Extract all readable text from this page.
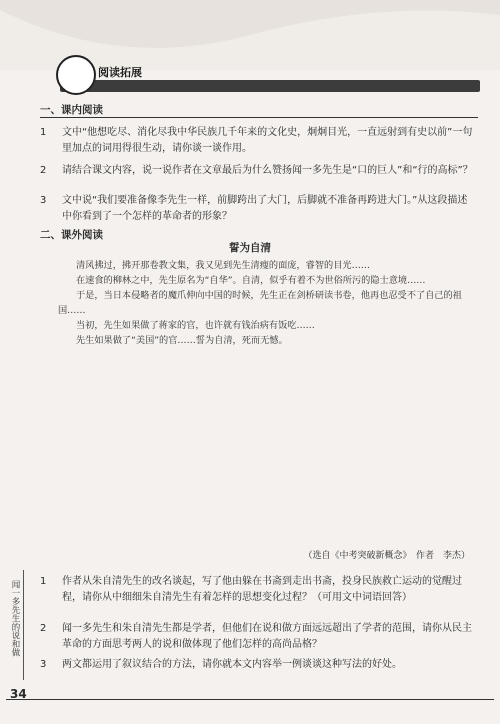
阅读拓展
一、课内阅读
1 文中“他想吃尽、消化尽我中华民族几千年来的文化史，炯炯目光，一直远射到有史以前”一句里加点的词用得很生动，请你谈一谈作用。
2 请结合课文内容，说一说作者在文章最后为什么赞扬闻一多先生是“口的巨人”和“行的高标”？
3 文中说“我们要准备像李先生一样，前脚跨出了大门，后脚就不准备再跨进大门。”从这段描述中你看到了一个怎样的革命者的形象？
二、课外阅读
誓为自清

清风拂过，拂开那卷教文集，我又见到先生清瘦的面庞，睿智的目光……

在速食的柳林之中，先生原名为“自华”。自清，似乎有着不为世俗所污的隐士意境……

于是，当日本侵略者的魔爪伸向中国的时候，先生正在剑桥研读书卷，他再也忍受不了自己的祖国……

当初，先生如果做了蒋家的官，也许就有钱治病有饭吃……

先生如果做了“美国”的官……誓为自清，死而无憾。

（选自《中考突破新概念》　作者　李杰）
1 作者从朱自清先生的改名谈起，写了他由躲在书斋到走出书斋，投身民族救亡运动的觉醒过程，请你从中细细朱自清先生有着怎样的思想变化过程？（可用文中词语回答）
2 闻一多先生和朱自清先生都是学者，但他们在说和做方面远远超出了学者的范围，请你从民主革命的方面思考两人的说和做体现了他们怎样的高尚品格？
3 两文都运用了叙议结合的方法，请你就本文内容举一例谈谈这种写法的好处。
闻一多先生的说和做
34
